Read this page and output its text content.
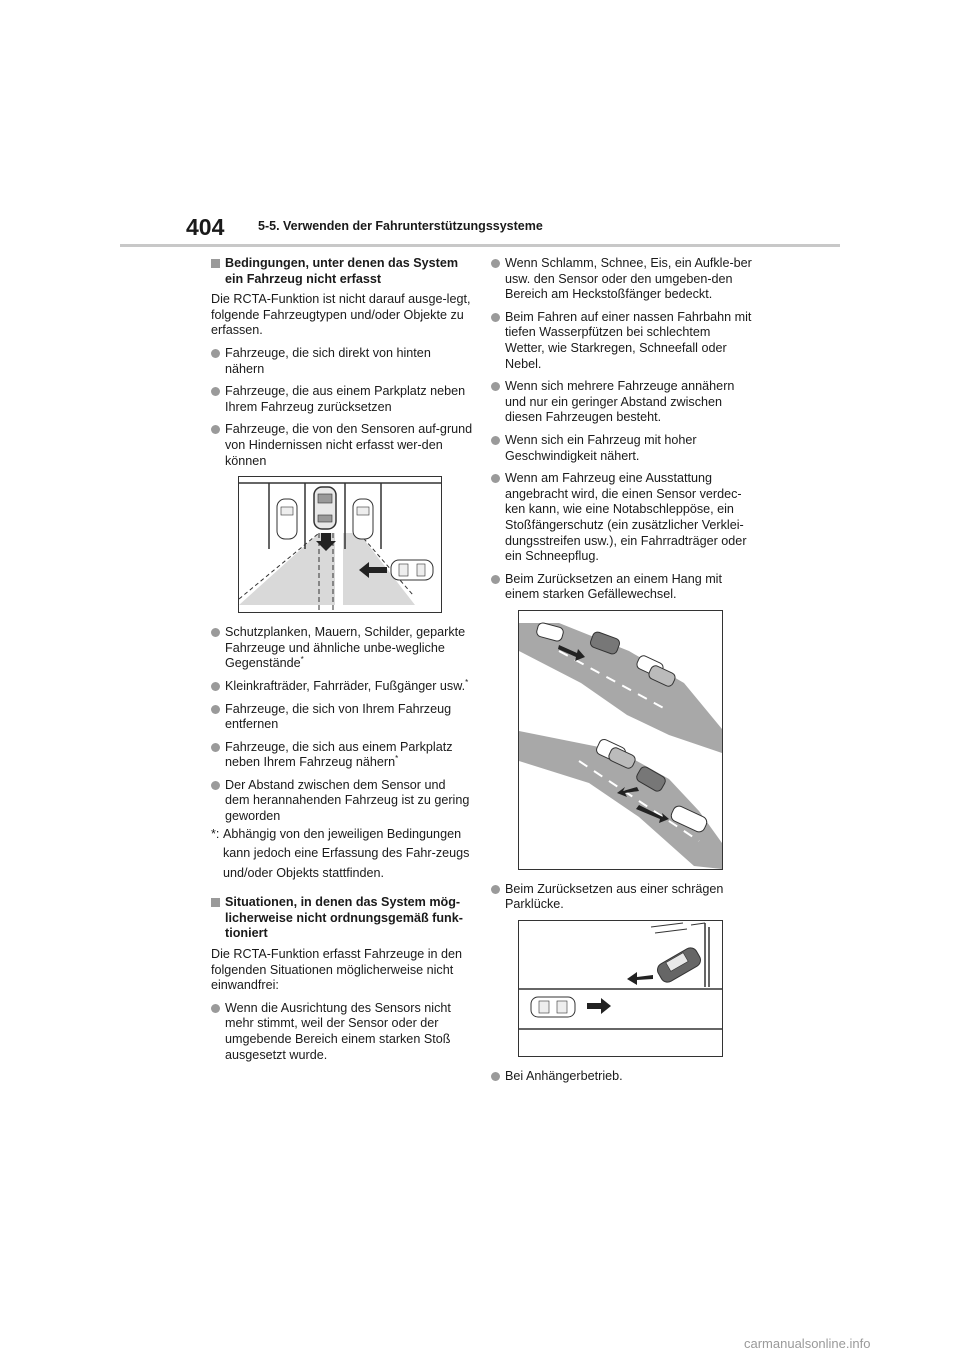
404	5-5. Verwenden der Fahrunterstützungssysteme
Bedingungen, unter denen das System ein Fahrzeug nicht erfasst
Die RCTA-Funktion ist nicht darauf ausge-legt, folgende Fahrzeugtypen und/oder Objekte zu erfassen.
Fahrzeuge, die sich direkt von hinten nähern
Fahrzeuge, die aus einem Parkplatz neben Ihrem Fahrzeug zurücksetzen
Fahrzeuge, die von den Sensoren auf-grund von Hindernissen nicht erfasst wer-den können
Schutzplanken, Mauern, Schilder, geparkte Fahrzeuge und ähnliche unbe-wegliche Gegenstände*
Kleinkrafträder, Fahrräder, Fußgänger usw.*
Fahrzeuge, die sich von Ihrem Fahrzeug entfernen
Fahrzeuge, die sich aus einem Parkplatz neben Ihrem Fahrzeug nähern*
Der Abstand zwischen dem Sensor und dem herannahenden Fahrzeug ist zu gering geworden
*: Abhängig von den jeweiligen Bedingungen kann jedoch eine Erfassung des Fahr-zeugs und/oder Objekts stattfinden.
Situationen, in denen das System mög-licherweise nicht ordnungsgemäß funk-tioniert
Die RCTA-Funktion erfasst Fahrzeuge in den folgenden Situationen möglicherweise nicht einwandfrei:
Wenn die Ausrichtung des Sensors nicht mehr stimmt, weil der Sensor oder der umgebende Bereich einem starken Stoß ausgesetzt wurde.
Wenn Schlamm, Schnee, Eis, ein Aufkle-ber usw. den Sensor oder den umgeben-den Bereich am Heckstoßfänger bedeckt.
Beim Fahren auf einer nassen Fahrbahn mit tiefen Wasserpfützen bei schlechtem Wetter, wie Starkregen, Schneefall oder Nebel.
Wenn sich mehrere Fahrzeuge annähern und nur ein geringer Abstand zwischen diesen Fahrzeugen besteht.
Wenn sich ein Fahrzeug mit hoher Geschwindigkeit nähert.
Wenn am Fahrzeug eine Ausstattung angebracht wird, die einen Sensor verdec-ken kann, wie eine Notabschleppöse, ein Stoßfängerschutz (ein zusätzlicher Verklei-dungsstreifen usw.), ein Fahrradträger oder ein Schneepflug.
Beim Zurücksetzen an einem Hang mit einem starken Gefällewechsel.
Beim Zurücksetzen aus einer schrägen Parklücke.
Bei Anhängerbetrieb.
carmanualsonline.info
